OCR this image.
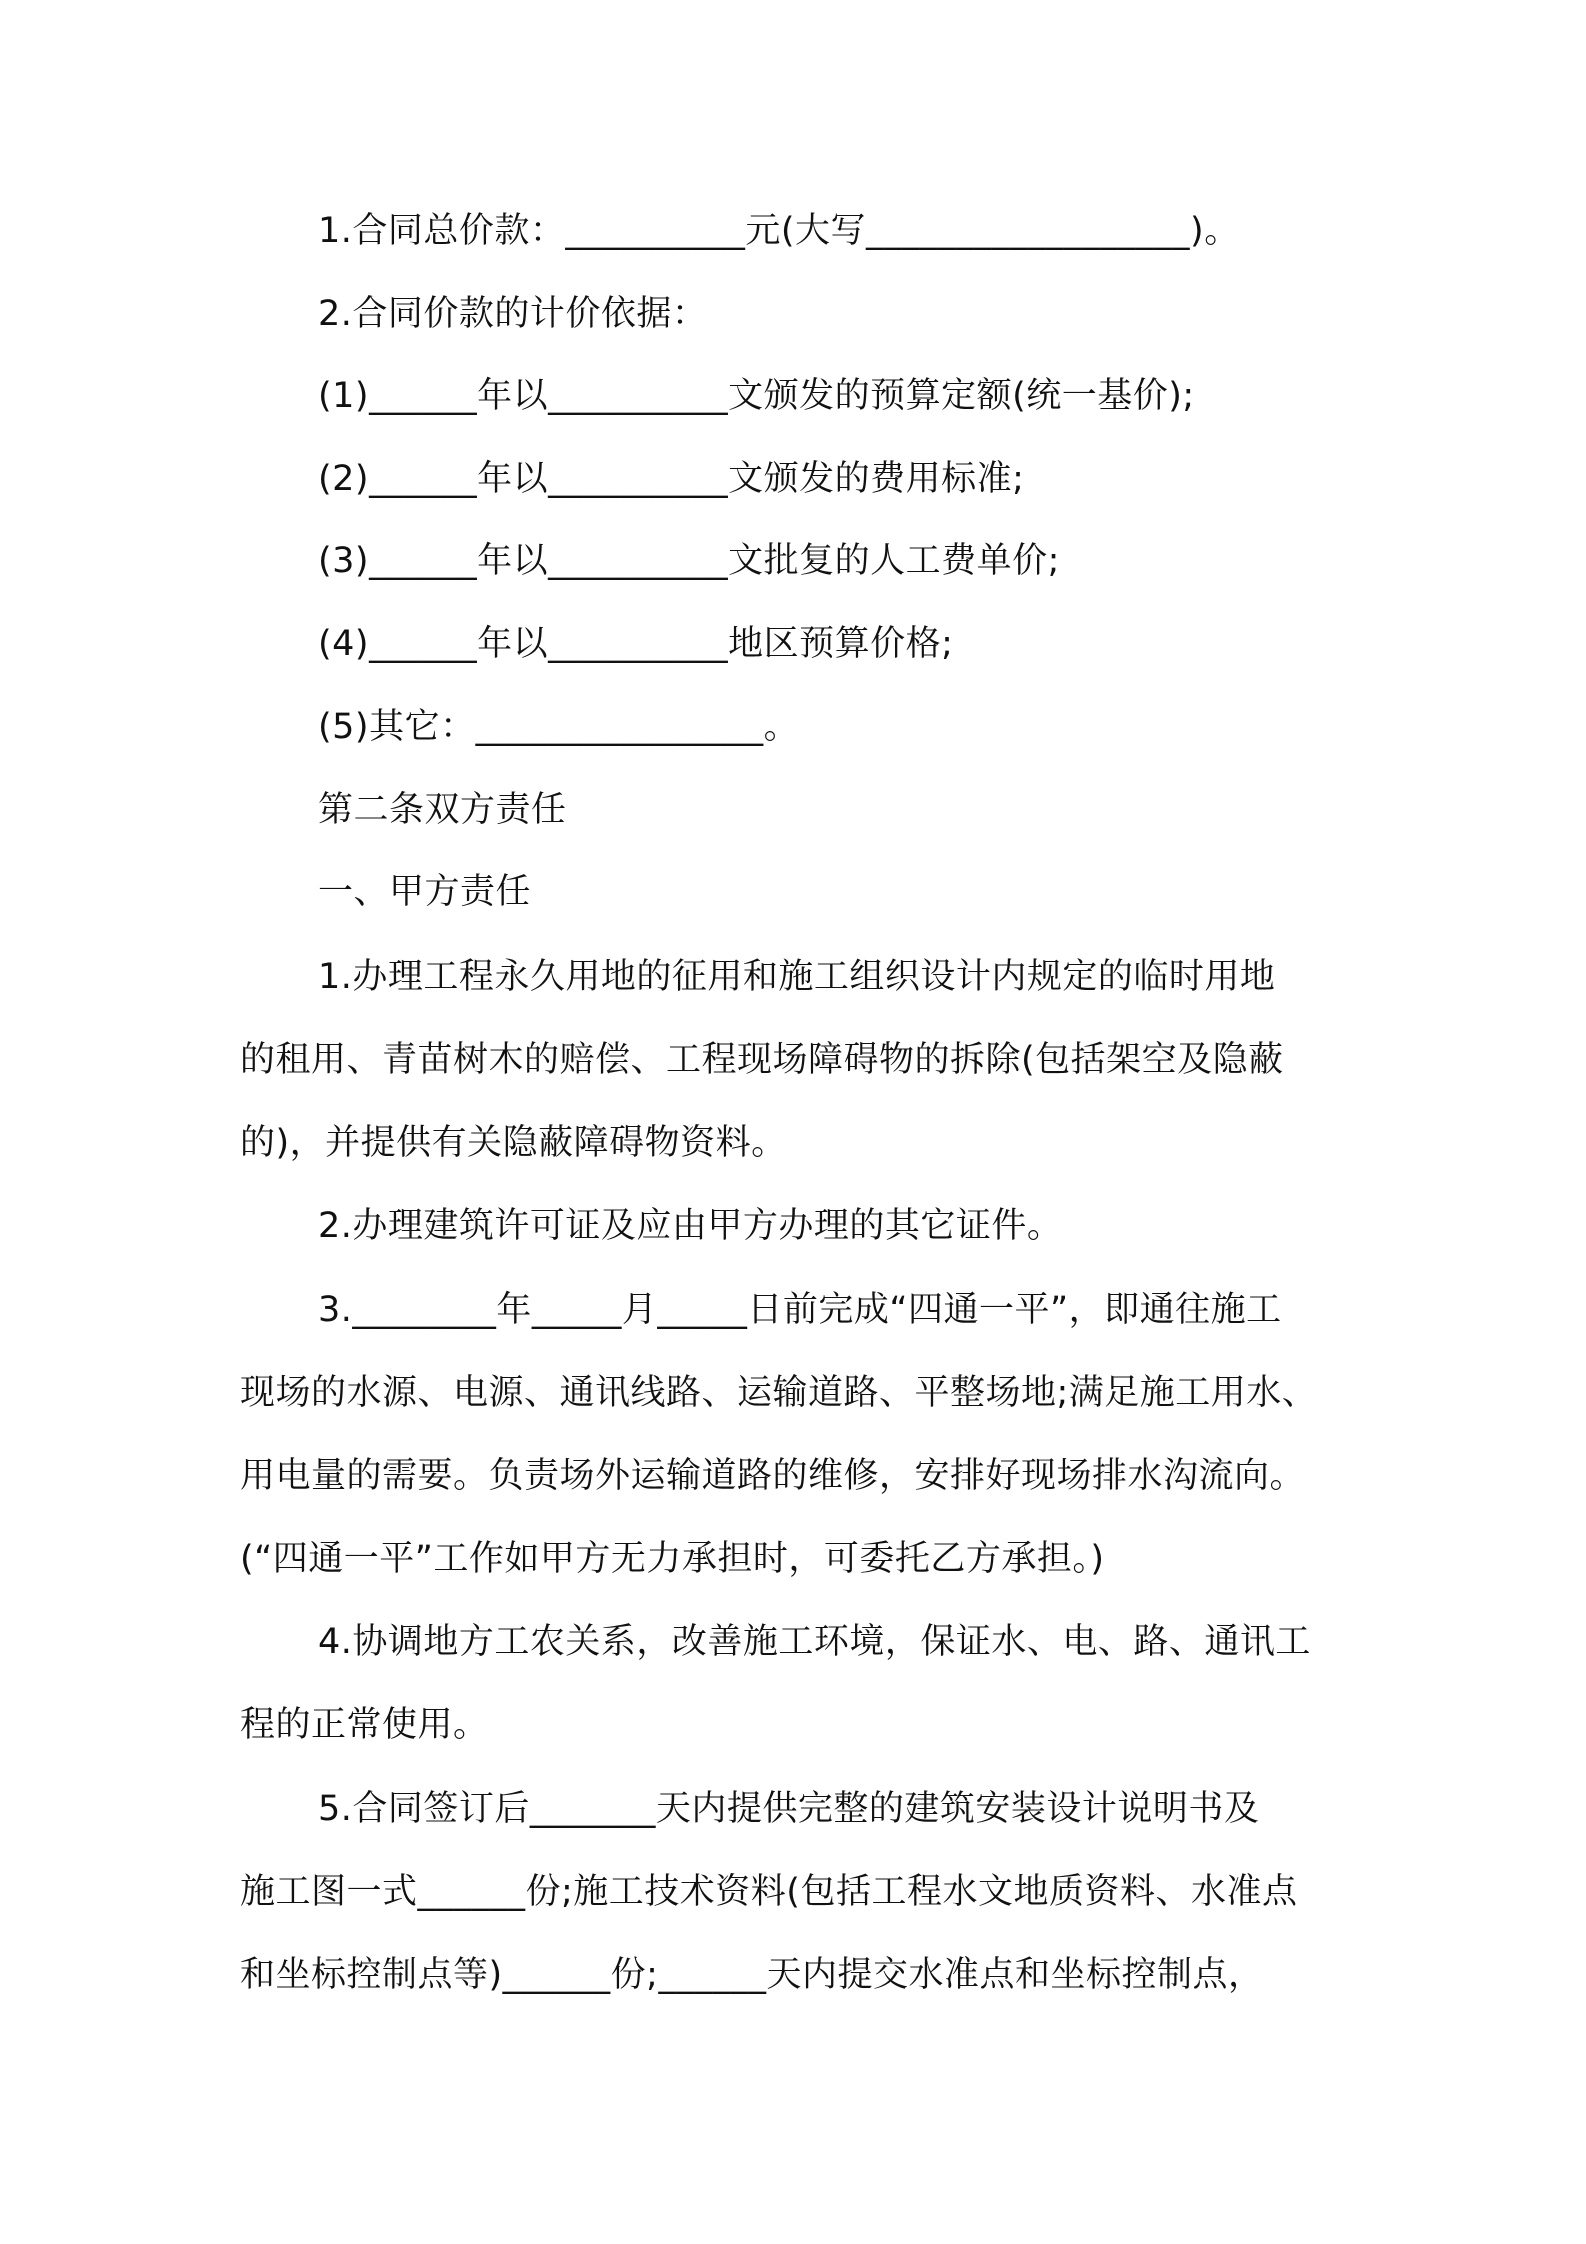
1.合同总价款：__________元(大写__________________)。
2.合同价款的计价依据：
(1)______年以__________文颁发的预算定额(统一基价);
(2)______年以__________文颁发的费用标准;
(3)______年以__________文批复的人工费单价;
(4)______年以__________地区预算价格;
(5)其它：________________。
第二条双方责任
一、甲方责任
1.办理工程永久用地的征用和施工组织设计内规定的临时用地
的租用、青苗树木的赔偿、工程现场障碍物的拆除(包括架空及隐蔽
的)，并提供有关隐蔽障碍物资料。
2.办理建筑许可证及应由甲方办理的其它证件。
3.________年_____月_____日前完成“四通一平”，即通往施工
现场的水源、电源、通讯线路、运输道路、平整场地;满足施工用水、
用电量的需要。负责场外运输道路的维修，安排好现场排水沟流向。
(“四通一平”工作如甲方无力承担时，可委托乙方承担。)
4.协调地方工农关系，改善施工环境，保证水、电、路、通讯工
程的正常使用。
5.合同签订后_______天内提供完整的建筑安装设计说明书及
施工图一式______份;施工技术资料(包括工程水文地质资料、水准点
和坐标控制点等)______份;______天内提交水准点和坐标控制点，
